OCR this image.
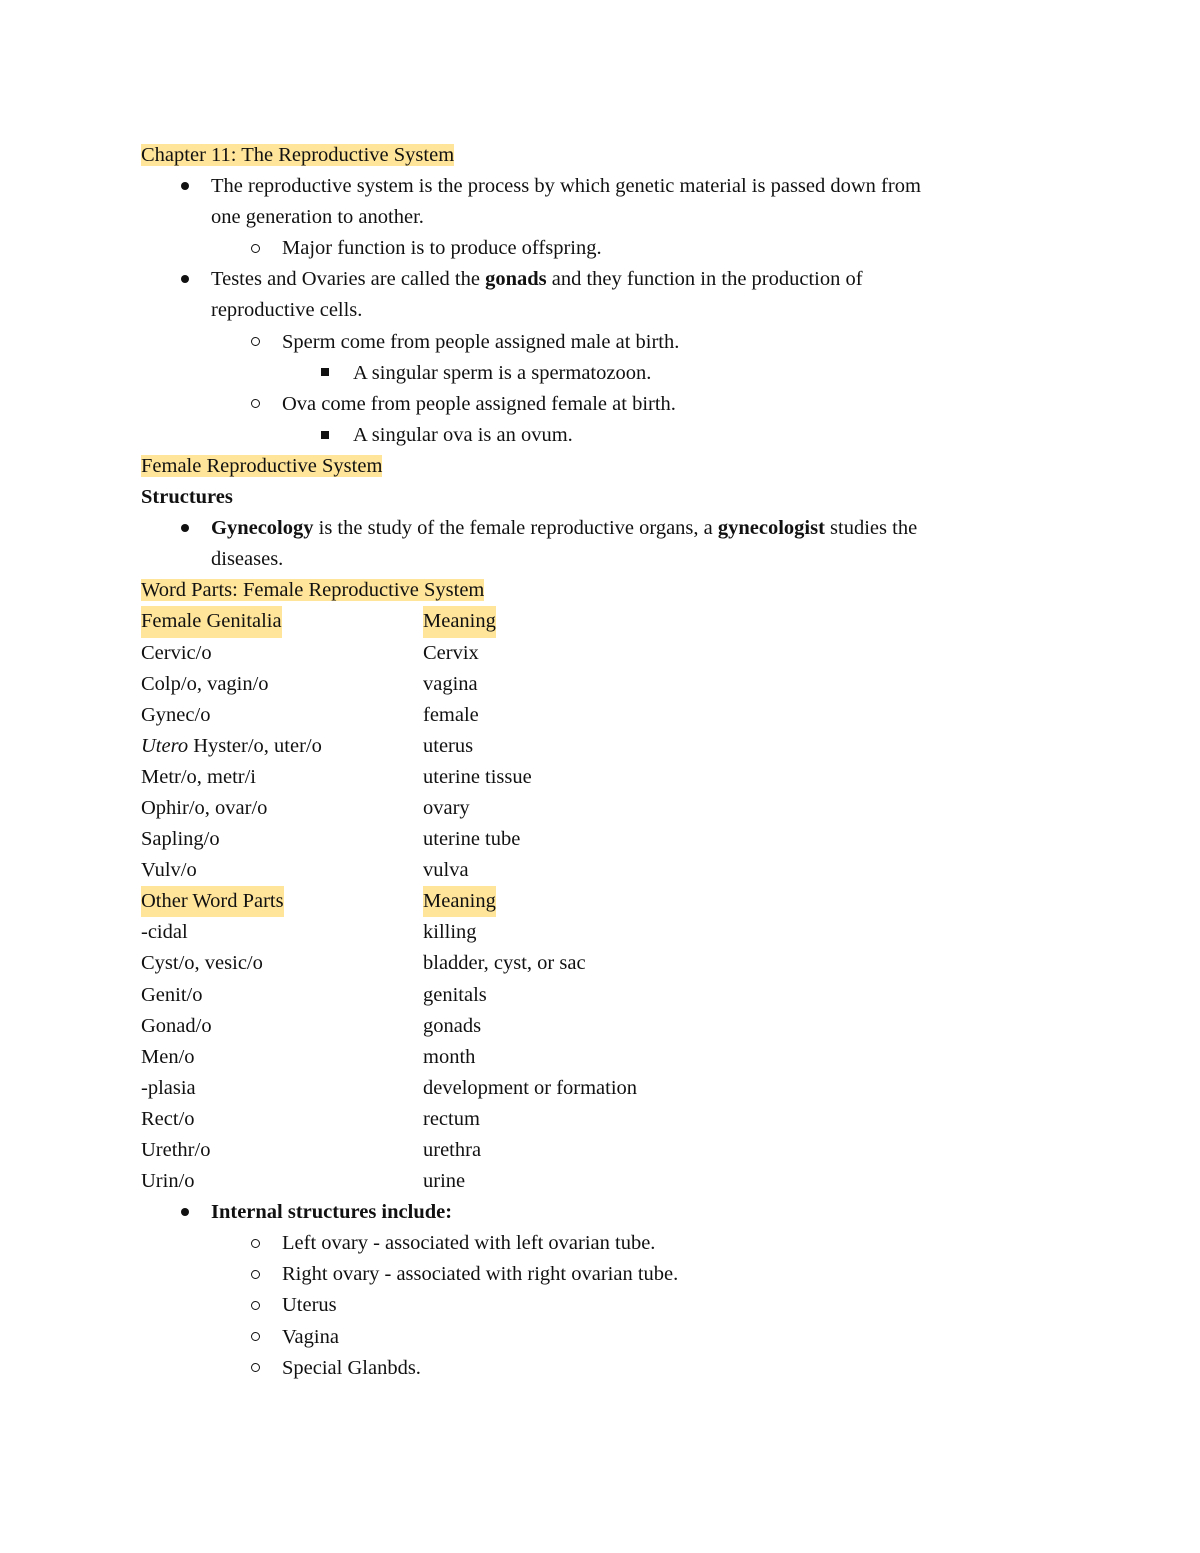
Chapter 11: The Reproductive System
The reproductive system is the process by which genetic material is passed down from
one generation to another.
Major function is to produce offspring.
Testes and Ovaries are called the gonads and they function in the production of
reproductive cells.
Sperm come from people assigned male at birth.
A singular sperm is a spermatozoon.
Ova come from people assigned female at birth.
A singular ova is an ovum.
Female Reproductive System
Structures
Gynecology is the study of the female reproductive organs, a gynecologist studies the
diseases.
Word Parts: Female Reproductive System
Female Genitalia	Meaning
Cervic/o	Cervix
Colp/o, vagin/o	vagina
Gynec/o	female
Utero Hyster/o, uter/o	uterus
Metr/o, metr/i	uterine tissue
Ophir/o, ovar/o	ovary
Sapling/o	uterine tube
Vulv/o	vulva
Other Word Parts	Meaning
-cidal	killing
Cyst/o, vesic/o	bladder, cyst, or sac
Genit/o	genitals
Gonad/o	gonads
Men/o	month
-plasia	development or formation
Rect/o	rectum
Urethr/o	urethra
Urin/o	urine
Internal structures include:
Left ovary - associated with left ovarian tube.
Right ovary - associated with right ovarian tube.
Uterus
Vagina
Special Glanbds.
